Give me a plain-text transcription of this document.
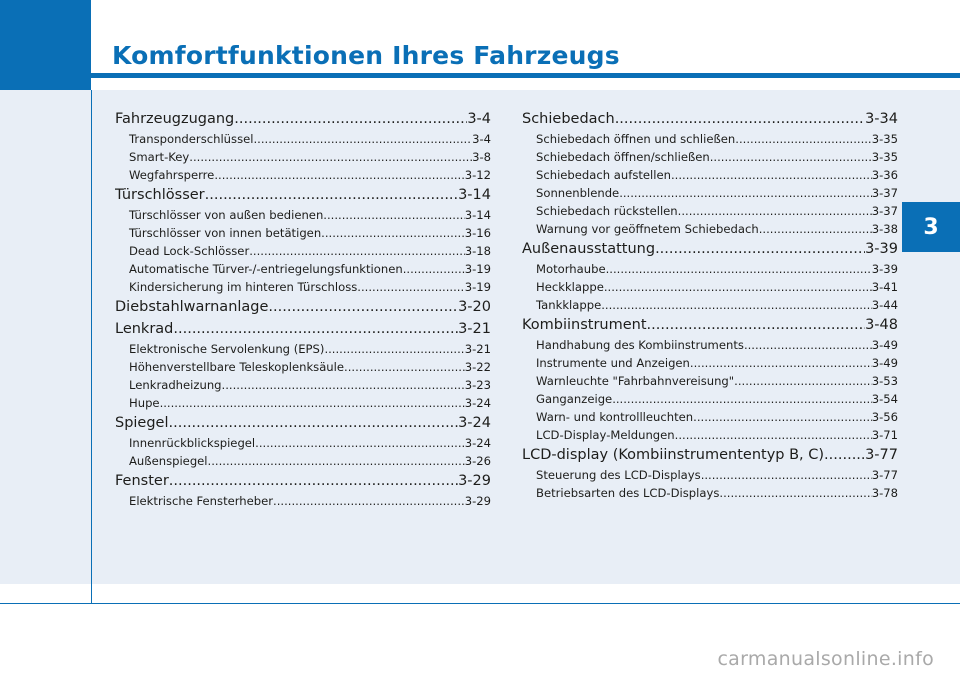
Komfortfunktionen Ihres Fahrzeugs
3
Fahrzeugzugang .....	3-4
Transponderschlüssel .....	3-4
Smart-Key .....	3-8
Wegfahrsperre .....	3-12
Türschlösser .....	3-14
Türschlösser von außen bedienen .....	3-14
Türschlösser von innen betätigen .....	3-16
Dead Lock-Schlösser .....	3-18
Automatische Türver-/-entriegelungsfunktionen .....	3-19
Kindersicherung im hinteren Türschloss .....	3-19
Diebstahlwarnanlage .....	3-20
Lenkrad .....	3-21
Elektronische Servolenkung (EPS) .....	3-21
Höhenverstellbare Teleskoplenksäule .....	3-22
Lenkradheizung .....	3-23
Hupe .....	3-24
Spiegel .....	3-24
Innenrückblickspiegel .....	3-24
Außenspiegel .....	3-26
Fenster .....	3-29
Elektrische Fensterheber .....	3-29
Schiebedach .....	3-34
Schiebedach öffnen und schließen .....	3-35
Schiebedach öffnen/schließen .....	3-35
Schiebedach aufstellen .....	3-36
Sonnenblende .....	3-37
Schiebedach rückstellen .....	3-37
Warnung vor geöffnetem Schiebedach .....	3-38
Außenausstattung .....	3-39
Motorhaube .....	3-39
Heckklappe .....	3-41
Tankklappe .....	3-44
Kombiinstrument .....	3-48
Handhabung des Kombiinstruments .....	3-49
Instrumente und Anzeigen .....	3-49
Warnleuchte "Fahrbahnvereisung" .....	3-53
Ganganzeige .....	3-54
Warn- und kontrollleuchten .....	3-56
LCD-Display-Meldungen .....	3-71
LCD-display (Kombiinstrumententyp B, C) .....	3-77
Steuerung des LCD-Displays .....	3-77
Betriebsarten des LCD-Displays .....	3-78
carmanualsonline.info
